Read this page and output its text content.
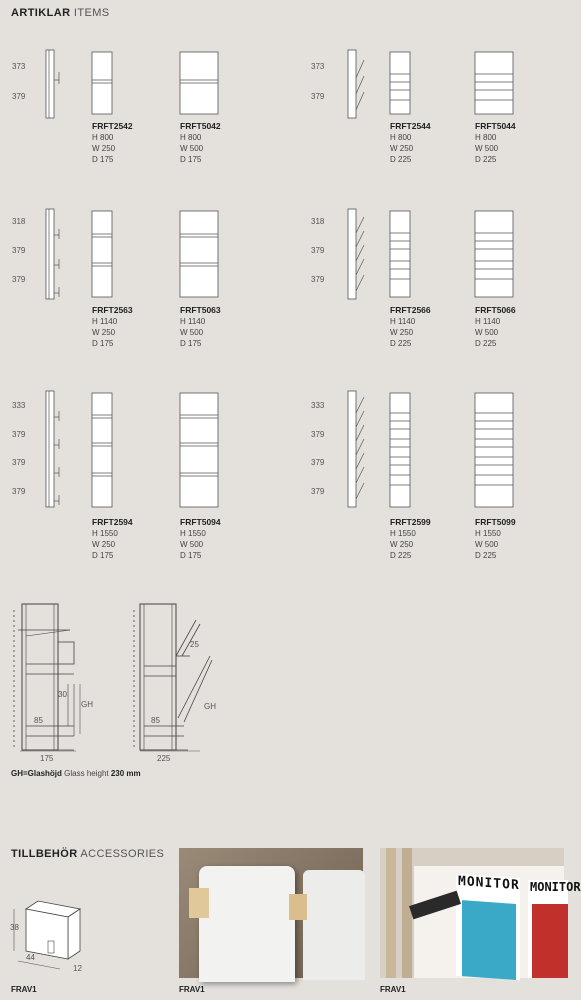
ARTIKLAR ITEMS
373
379
373
379
FRFT2542
H 800
W 250
D 175
FRFT5042
H 800
W 500
D 175
FRFT2544
H 800
W 250
D 225
FRFT5044
H 800
W 500
D 225
318
379
379
318
379
379
FRFT2563
H 1140
W 250
D 175
FRFT5063
H 1140
W 500
D 175
FRFT2566
H 1140
W 250
D 225
FRFT5066
H 1140
W 500
D 225
333
379
379
379
333
379
379
379
FRFT2594
H 1550
W 250
D 175
FRFT5094
H 1550
W 500
D 175
FRFT2599
H 1550
W 250
D 225
FRFT5099
H 1550
W 500
D 225
30
85
GH
175
25
85
GH
225
GH=Glashöjd Glass height 230 mm
TILLBEHÖR ACCESSORIES
38
44
12
FRAV1	FRAV1
MONITOR MONITOR
FRAV1
